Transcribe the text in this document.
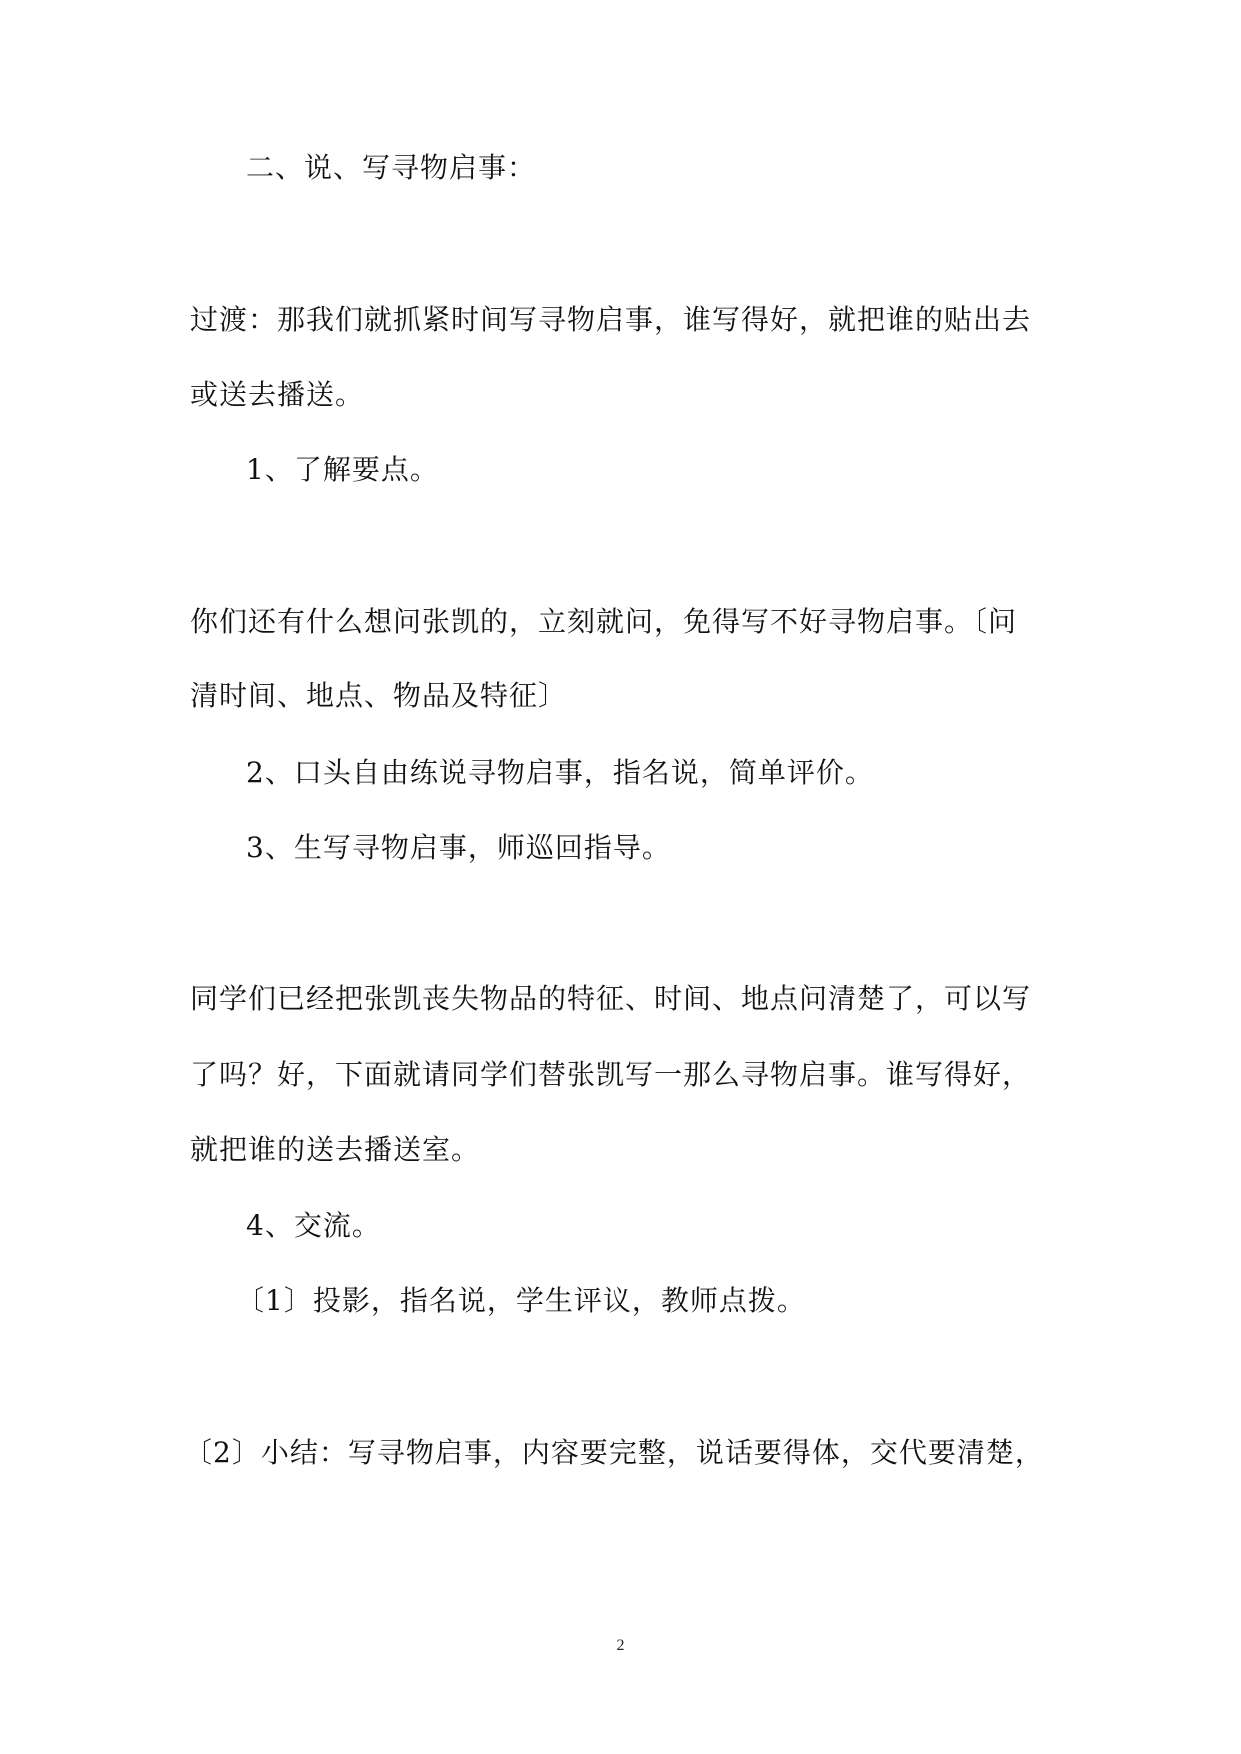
二、说、写寻物启事：
过渡：那我们就抓紧时间写寻物启事，谁写得好，就把谁的贴出去
或送去播送。
1、了解要点。
你们还有什么想问张凯的，立刻就问，免得写不好寻物启事。〔问
清时间、地点、物品及特征〕
2、口头自由练说寻物启事，指名说，简单评价。
3、生写寻物启事，师巡回指导。
同学们已经把张凯丧失物品的特征、时间、地点问清楚了，可以写
了吗？好，下面就请同学们替张凯写一那么寻物启事。谁写得好，
就把谁的送去播送室。
4、交流。
〔1〕投影，指名说，学生评议，教师点拨。
〔2〕小结：写寻物启事，内容要完整，说话要得体，交代要清楚，
2
